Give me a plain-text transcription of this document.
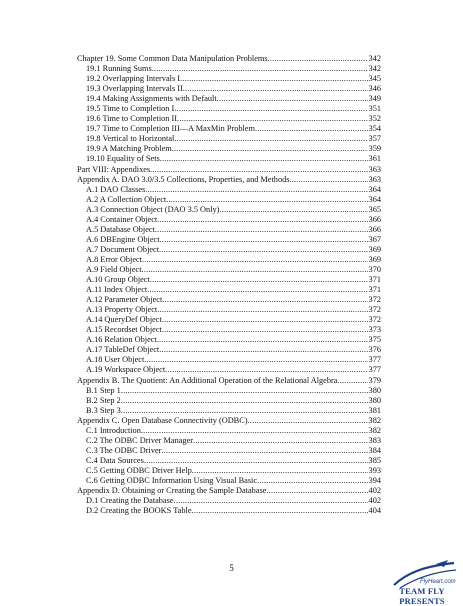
Chapter 19. Some Common Data Manipulation Problems .....	342
19.1 Running Sums .....	342
19.2 Overlapping Intervals I .....	345
19.3 Overlapping Intervals II .....	346
19.4 Making Assignments with Default .....	349
19.5 Time to Completion I .....	351
19.6 Time to Completion II .....	352
19.7 Time to Completion III—A MaxMin Problem .....	354
19.8 Vertical to Horizontal .....	357
19.9 A Matching Problem .....	359
19.10 Equality of Sets .....	361
Part VIII: Appendixes .....	363
Appendix A. DAO 3.0/3.5 Collections, Properties, and Methods .....	363
A.1 DAO Classes .....	364
A.2 A Collection Object .....	364
A.3 Connection Object (DAO 3.5 Only) .....	365
A.4 Container Object .....	366
A.5 Database Object .....	366
A.6 DBEngine Object .....	367
A.7 Document Object .....	369
A.8 Error Object .....	369
A.9 Field Object .....	370
A.10 Group Object .....	371
A.11 Index Object .....	371
A.12 Parameter Object .....	372
A.13 Property Object .....	372
A.14 QueryDef Object .....	372
A.15 Recordset Object .....	373
A.16 Relation Object .....	375
A.17 TableDef Object .....	376
A.18 User Object .....	377
A.19 Workspace Object .....	377
Appendix B. The Quotient: An Additional Operation of the Relational Algebra .....	379
B.1 Step 1 .....	380
B.2 Step 2 .....	380
B.3 Step 3 .....	381
Appendix C. Open Database Connectivity (ODBC) .....	382
C.1 Introduction .....	382
C.2 The ODBC Driver Manager .....	383
C.3 The ODBC Driver .....	384
C.4 Data Sources .....	385
C.5 Getting ODBC Driver Help .....	393
C.6 Getting ODBC Information Using Visual Basic .....	394
Appendix D. Obtaining or Creating the Sample Database .....	402
D.1 Creating the Database .....	402
D.2 Creating the BOOKS Table .....	404
5
FlyHeart.com
TEAM FLY PRESENTS
